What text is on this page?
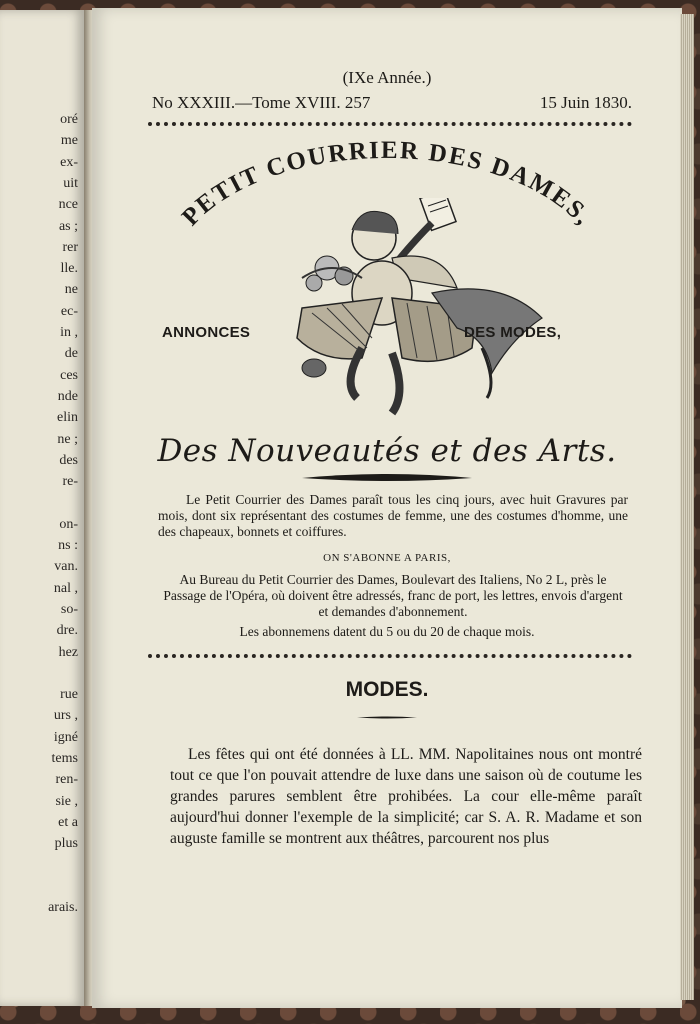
oré
me
ex-
uit
nce
as ;
rer
lle.
ne
ec-
in ,
de
ces
nde
elin
ne ;
des
re-
on-
ns :
van.
nal ,
so-
dre.
hez
rue
urs ,
igné
tems
ren-
sie ,
et a
plus
arais.
(IXe Année.)
No XXXIII.—Tome XVIII. 257	15 Juin 1830.
PETIT COURRIER DES DAMES,
ANNONCES	DES MODES,
Des Nouveautés et des Arts.
Le Petit Courrier des Dames paraît tous les cinq jours, avec huit Gravures par mois, dont six représentant des costumes de femme, une des costumes d'homme, une des chapeaux, bonnets et coiffures.
ON S'ABONNE A PARIS,
Au Bureau du Petit Courrier des Dames, Boulevart des Italiens, No 2 L, près le Passage de l'Opéra, où doivent être adressés, franc de port, les lettres, envois d'argent et demandes d'abonnement.
Les abonnemens datent du 5 ou du 20 de chaque mois.
MODES.
Les fêtes qui ont été données à LL. MM. Napolitaines nous ont montré tout ce que l'on pouvait attendre de luxe dans une saison où de coutume les grandes parures semblent être prohibées. La cour elle-même paraît aujourd'hui donner l'exemple de la simplicité; car S. A. R. Madame et son auguste famille se montrent aux théâtres, parcourent nos plus
